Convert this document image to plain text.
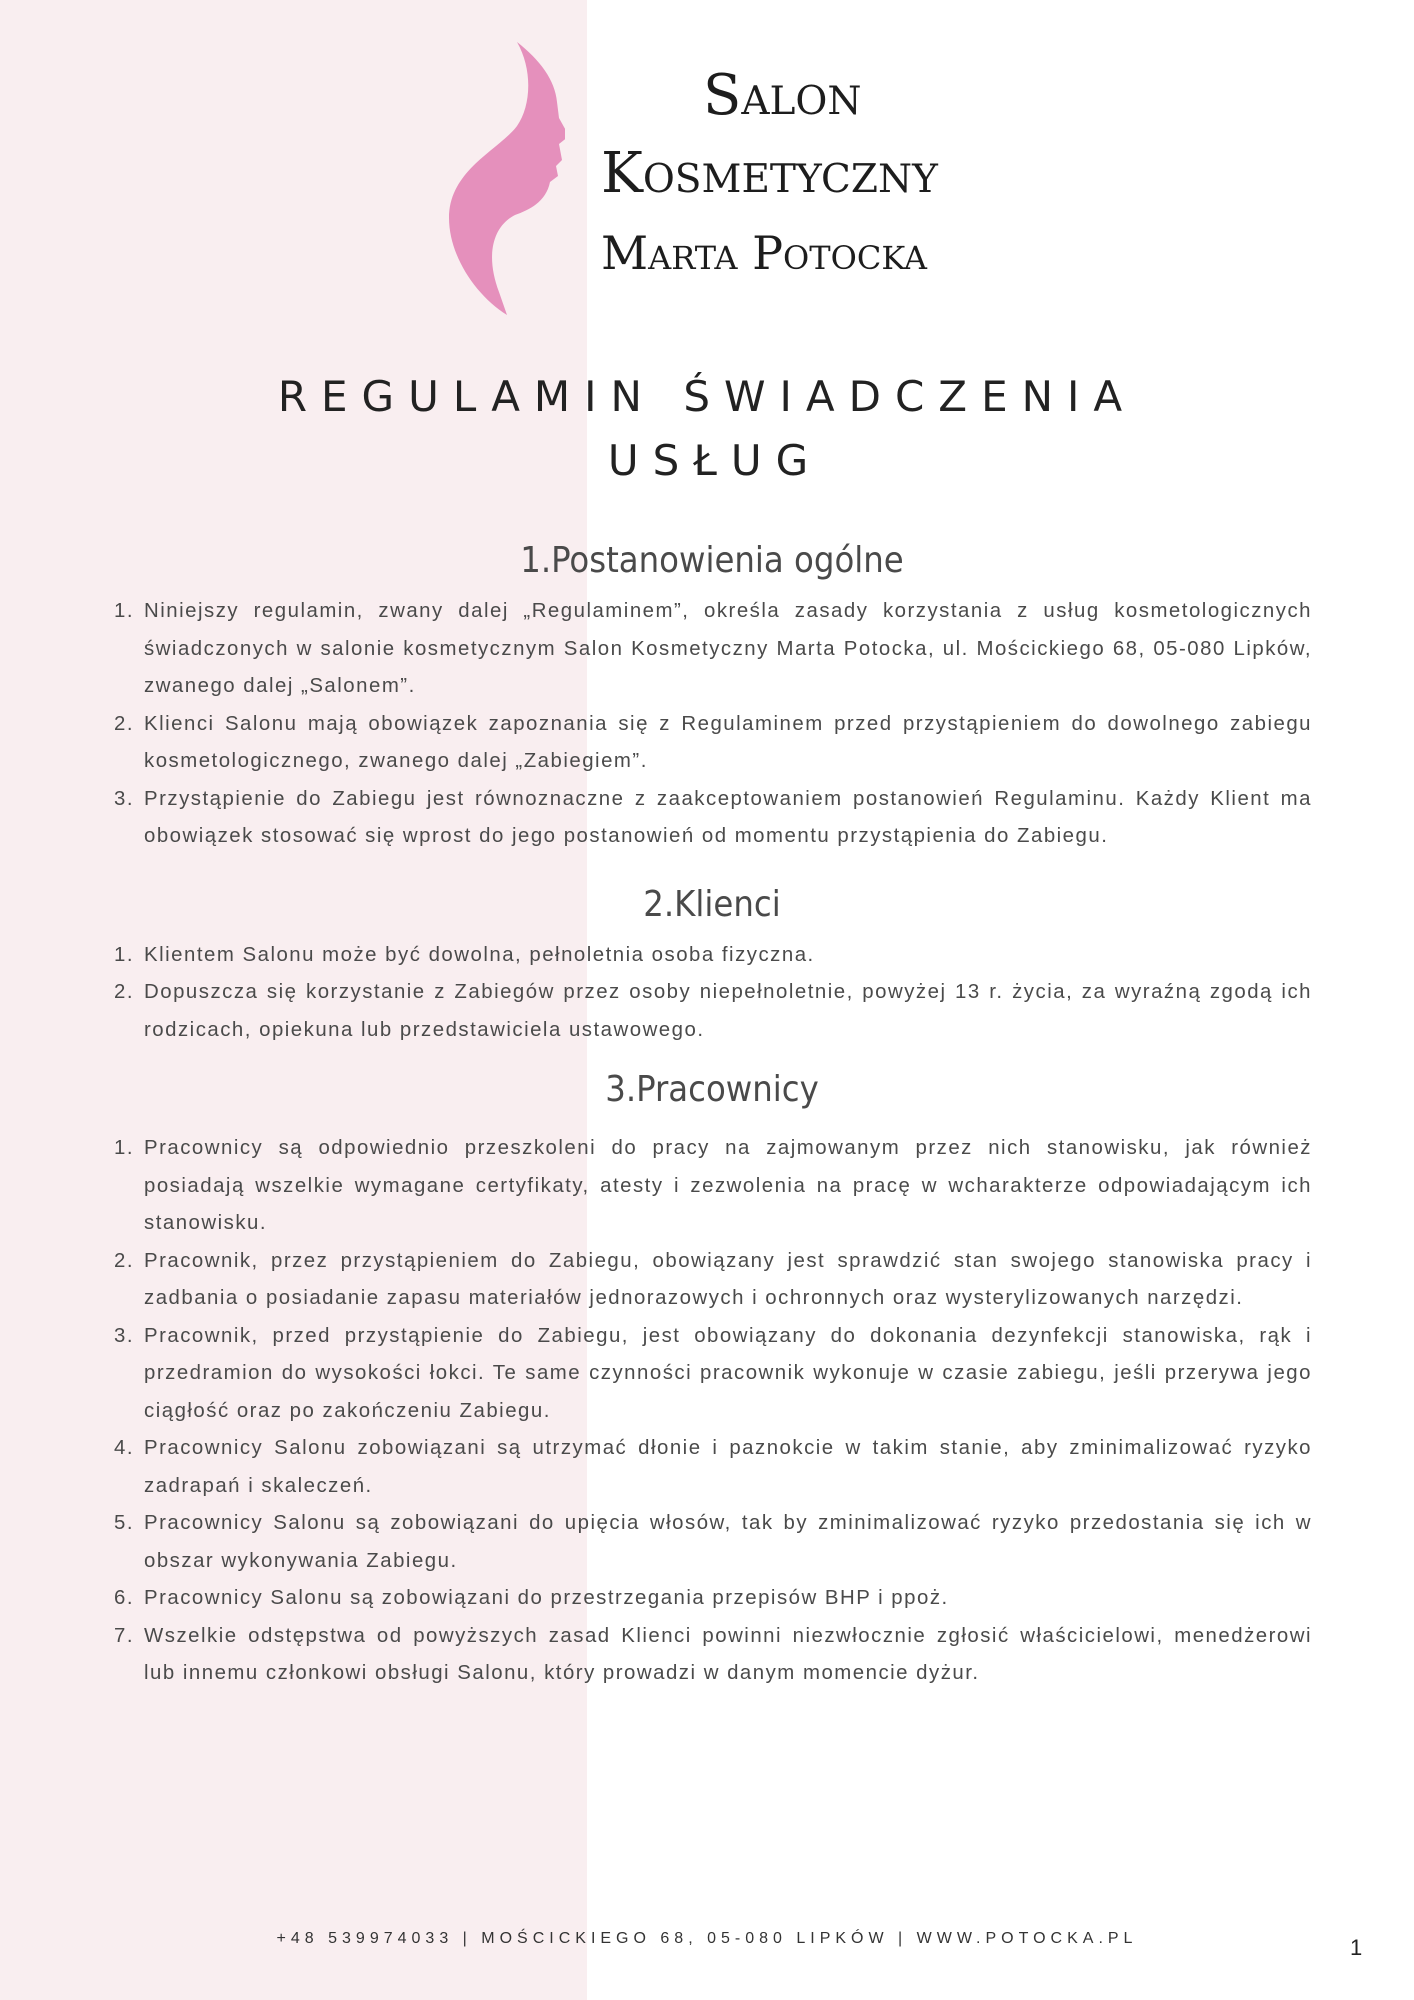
Salon
Kosmetyczny
Marta Potocka
REGULAMIN ŚWIADCZENIA
USŁUG
1.Postanowienia ogólne
1. Niniejszy regulamin, zwany dalej „Regulaminem”, określa zasady korzystania z usług kosmetologicznych świadczonych w salonie kosmetycznym Salon Kosmetyczny Marta Potocka, ul. Mościckiego 68, 05-080 Lipków, zwanego dalej „Salonem”.
2. Klienci Salonu mają obowiązek zapoznania się z Regulaminem przed przystąpieniem do dowolnego zabiegu kosmetologicznego, zwanego dalej „Zabiegiem”.
3. Przystąpienie do Zabiegu jest równoznaczne z zaakceptowaniem postanowień Regulaminu. Każdy Klient ma obowiązek stosować się wprost do jego postanowień od momentu przystąpienia do Zabiegu.
2.Klienci
1. Klientem Salonu może być dowolna, pełnoletnia osoba fizyczna.
2. Dopuszcza się korzystanie z Zabiegów przez osoby niepełnoletnie, powyżej 13 r. życia, za wyraźną zgodą ich rodzicach, opiekuna lub przedstawiciela ustawowego.
3.Pracownicy
1. Pracownicy są odpowiednio przeszkoleni do pracy na zajmowanym przez nich stanowisku, jak również posiadają wszelkie wymagane certyfikaty, atesty i zezwolenia na pracę w wcharakterze odpowiadającym ich stanowisku.
2. Pracownik, przez przystąpieniem do Zabiegu, obowiązany jest sprawdzić stan swojego stanowiska pracy i zadbania o posiadanie zapasu materiałów jednorazowych i ochronnych oraz wysterylizowanych narzędzi.
3. Pracownik, przed przystąpienie do Zabiegu, jest obowiązany do dokonania dezynfekcji stanowiska, rąk i przedramion do wysokości łokci. Te same czynności pracownik wykonuje w czasie zabiegu, jeśli przerywa jego ciągłość oraz po zakończeniu Zabiegu.
4. Pracownicy Salonu zobowiązani są utrzymać dłonie i paznokcie w takim stanie, aby zminimalizować ryzyko zadrapań i skaleczeń.
5. Pracownicy Salonu są zobowiązani do upięcia włosów, tak by zminimalizować ryzyko przedostania się ich w obszar wykonywania Zabiegu.
6. Pracownicy Salonu są zobowiązani do przestrzegania przepisów BHP i ppoż.
7. Wszelkie odstępstwa od powyższych zasad Klienci powinni niezwłocznie zgłosić właścicielowi, menedżerowi lub innemu członkowi obsługi Salonu, który prowadzi w danym momencie dyżur.
+48 539974033 | MOŚCICKIEGO 68, 05-080 LIPKÓW | WWW.POTOCKA.PL	1
